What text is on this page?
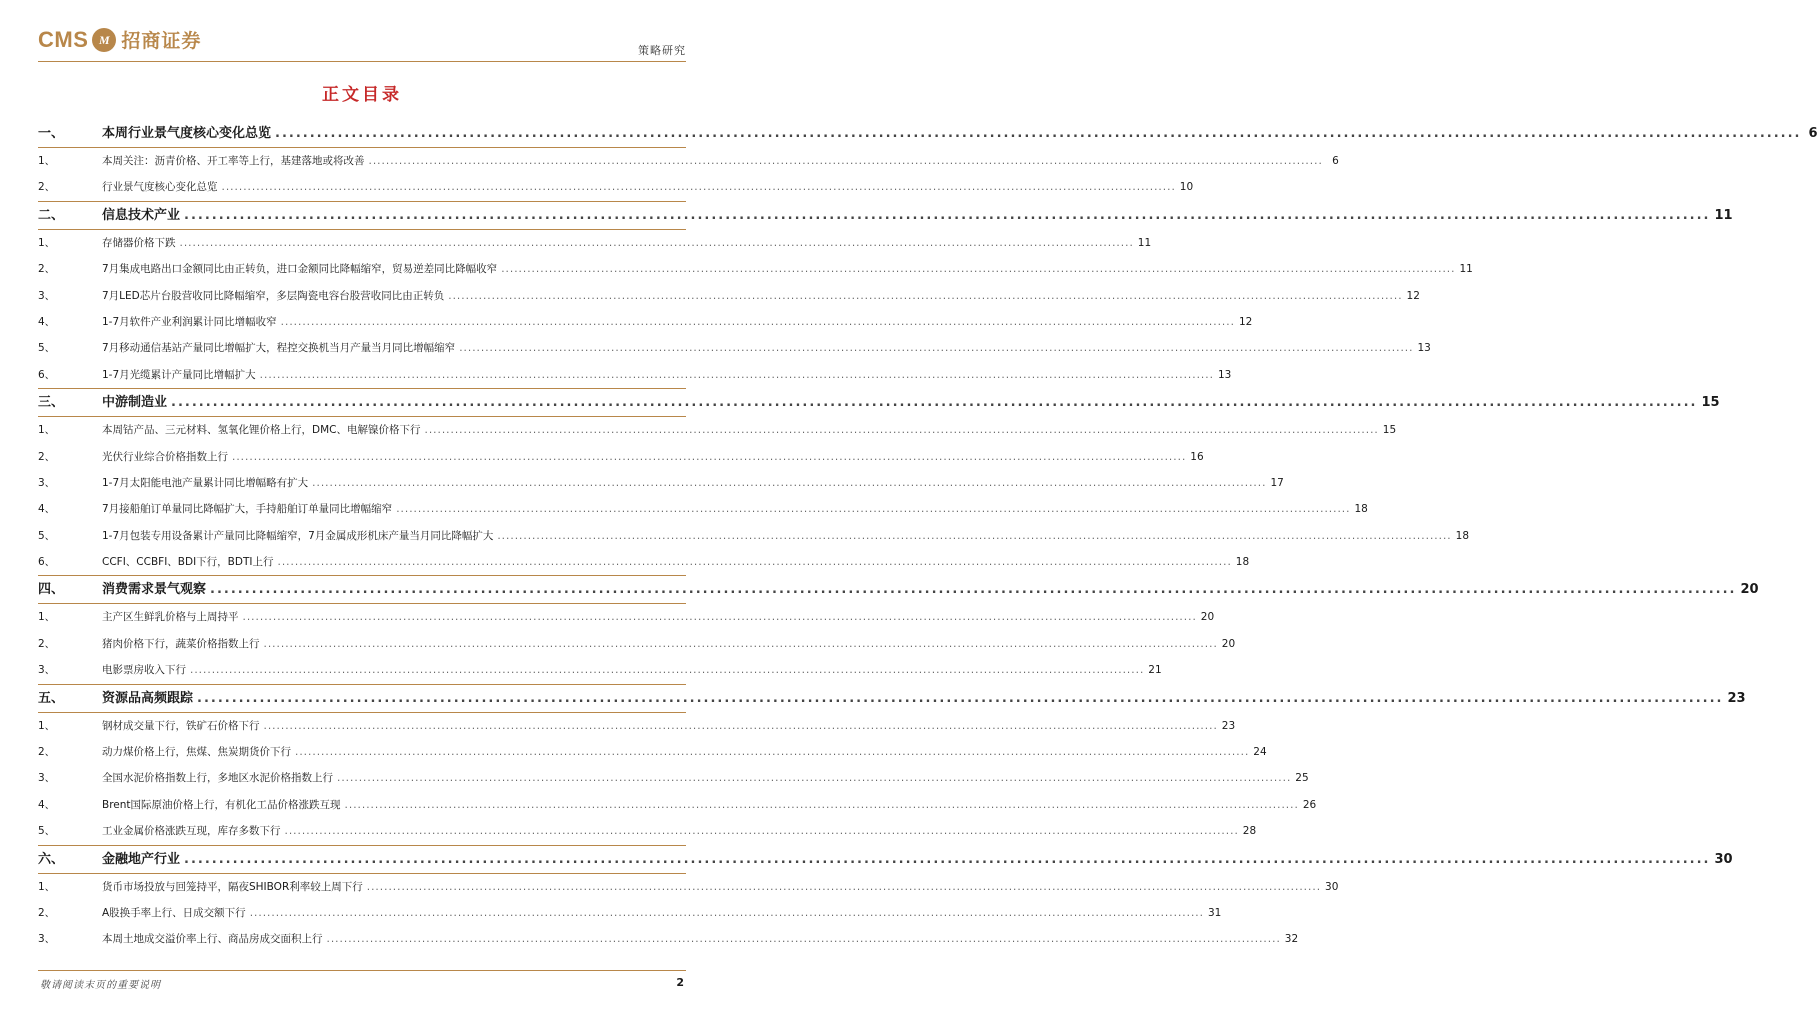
CMS M 招商证券	策略研究
正文目录
一、	本周行业景气度核心变化总览 ............................................................................................................................................................................................................................ 6
1、	本周关注：沥青价格、开工率等上行，基建落地或将改善 ............................................................................................................................................................................................................................ 6
2、	行业景气度核心变化总览 ............................................................................................................................................................................................................................ 10
二、	信息技术产业 ............................................................................................................................................................................................................................ 11
1、	存储器价格下跌 ............................................................................................................................................................................................................................ 11
2、	7月集成电路出口金额同比由正转负，进口金额同比降幅缩窄，贸易逆差同比降幅收窄 ............................................................................................................................................................................................................................ 11
3、	7月LED芯片台股营收同比降幅缩窄，多层陶瓷电容台股营收同比由正转负 ............................................................................................................................................................................................................................ 12
4、	1-7月软件产业利润累计同比增幅收窄 ............................................................................................................................................................................................................................ 12
5、	7月移动通信基站产量同比增幅扩大，程控交换机当月产量当月同比增幅缩窄 ............................................................................................................................................................................................................................ 13
6、	1-7月光缆累计产量同比增幅扩大 ............................................................................................................................................................................................................................ 13
三、	中游制造业 ............................................................................................................................................................................................................................ 15
1、	本周钴产品、三元材料、氢氧化锂价格上行，DMC、电解镍价格下行 ............................................................................................................................................................................................................................ 15
2、	光伏行业综合价格指数上行 ............................................................................................................................................................................................................................ 16
3、	1-7月太阳能电池产量累计同比增幅略有扩大 ............................................................................................................................................................................................................................ 17
4、	7月接船舶订单量同比降幅扩大，手持船舶订单量同比增幅缩窄 ............................................................................................................................................................................................................................ 18
5、	1-7月包装专用设备累计产量同比降幅缩窄，7月金属成形机床产量当月同比降幅扩大 ............................................................................................................................................................................................................................ 18
6、	CCFI、CCBFI、BDI下行，BDTI上行 ............................................................................................................................................................................................................................ 18
四、	消费需求景气观察 ............................................................................................................................................................................................................................ 20
1、	主产区生鲜乳价格与上周持平 ............................................................................................................................................................................................................................ 20
2、	猪肉价格下行，蔬菜价格指数上行 ............................................................................................................................................................................................................................ 20
3、	电影票房收入下行 ............................................................................................................................................................................................................................ 21
五、	资源品高频跟踪 ............................................................................................................................................................................................................................ 23
1、	钢材成交量下行，铁矿石价格下行 ............................................................................................................................................................................................................................ 23
2、	动力煤价格上行，焦煤、焦炭期货价下行 ............................................................................................................................................................................................................................ 24
3、	全国水泥价格指数上行，多地区水泥价格指数上行 ............................................................................................................................................................................................................................ 25
4、	Brent国际原油价格上行，有机化工品价格涨跌互现 ............................................................................................................................................................................................................................ 26
5、	工业金属价格涨跌互现，库存多数下行 ............................................................................................................................................................................................................................ 28
六、	金融地产行业 ............................................................................................................................................................................................................................ 30
1、	货币市场投放与回笼持平，隔夜SHIBOR利率较上周下行 ............................................................................................................................................................................................................................ 30
2、	A股换手率上行、日成交额下行 ............................................................................................................................................................................................................................ 31
3、	本周土地成交溢价率上行、商品房成交面积上行 ............................................................................................................................................................................................................................ 32
敬请阅读末页的重要说明	2
